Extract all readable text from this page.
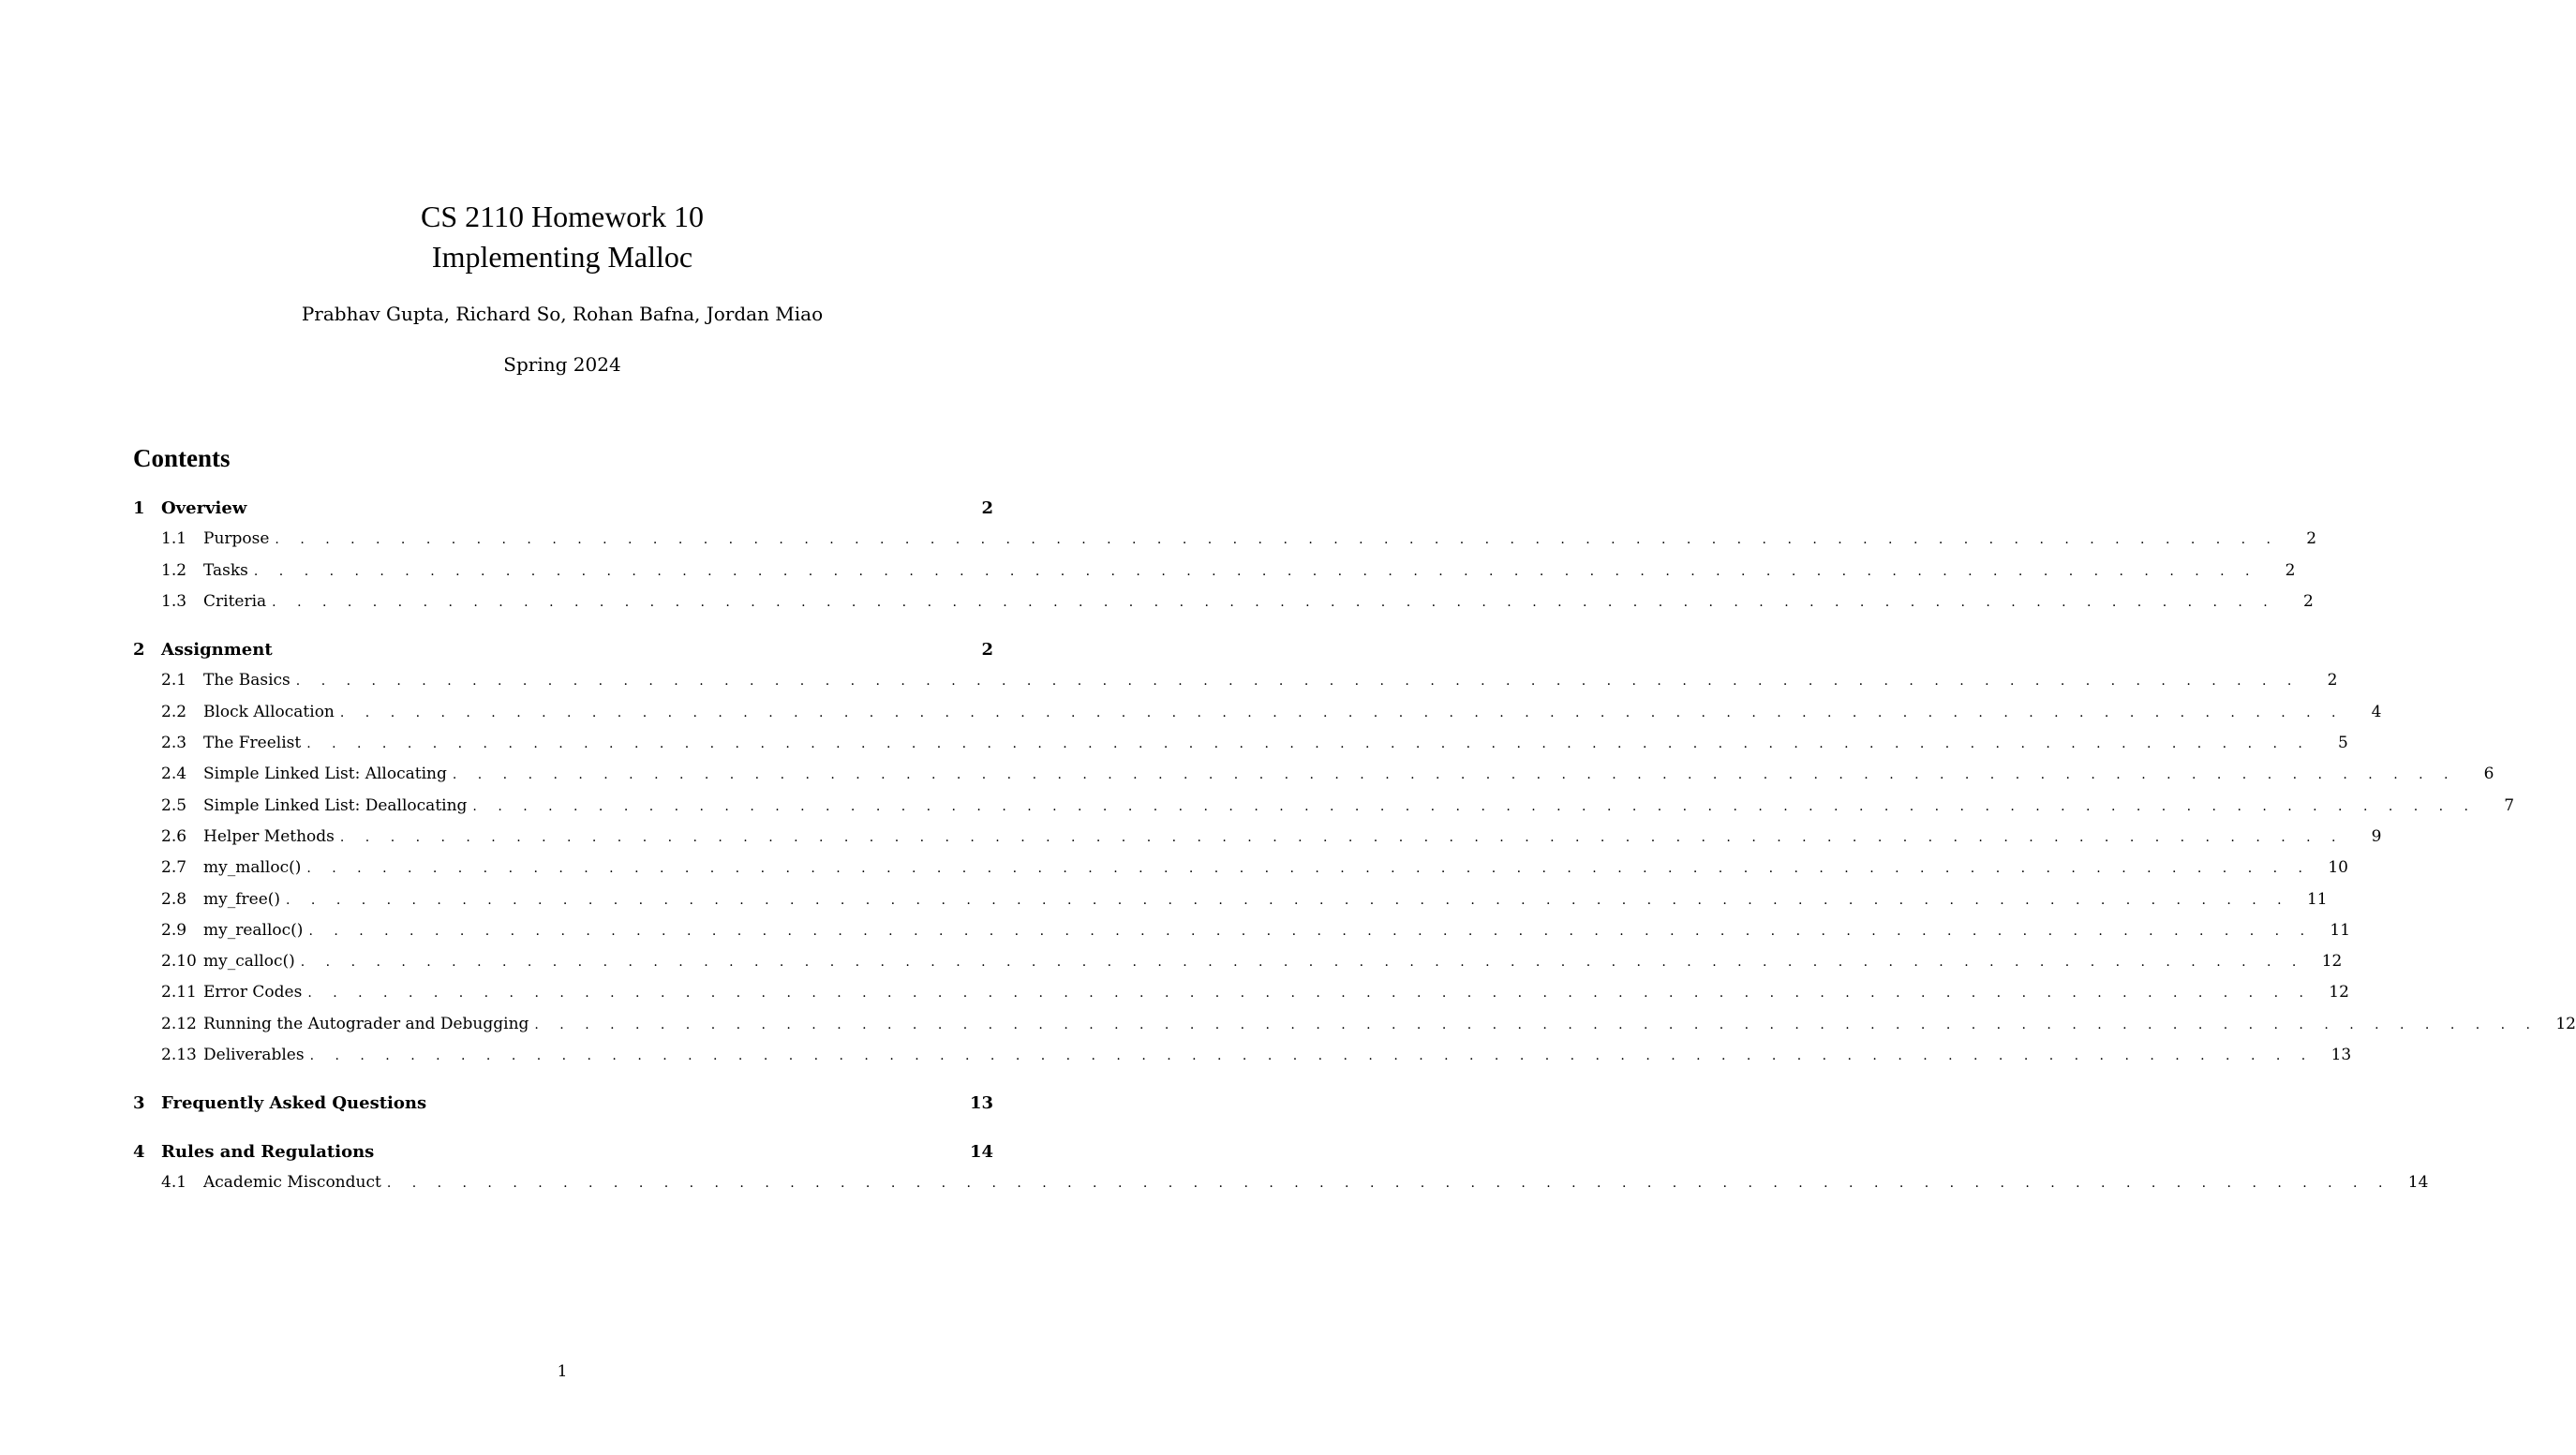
CS 2110 Homework 10
Implementing Malloc
Prabhav Gupta, Richard So, Rohan Bafna, Jordan Miao
Spring 2024
Contents
1 Overview	2
1.1	Purpose . . . . . . . . . . . . . . . . . . . . . . . . . . . . . . . . . . . . . . . . . . . . . . . . . . . . . . . . . . . . . . . . . . . . . . . . . . . . . . . .	2
1.2	Tasks . . . . . . . . . . . . . . . . . . . . . . . . . . . . . . . . . . . . . . . . . . . . . . . . . . . . . . . . . . . . . . . . . . . . . . . . . . . . . . . .	2
1.3	Criteria . . . . . . . . . . . . . . . . . . . . . . . . . . . . . . . . . . . . . . . . . . . . . . . . . . . . . . . . . . . . . . . . . . . . . . . . . . . . . . . .	2
2 Assignment	2
2.1	The Basics . . . . . . . . . . . . . . . . . . . . . . . . . . . . . . . . . . . . . . . . . . . . . . . . . . . . . . . . . . . . . . . . . . . . . . . . . . . . . . . .	2
2.2	Block Allocation . . . . . . . . . . . . . . . . . . . . . . . . . . . . . . . . . . . . . . . . . . . . . . . . . . . . . . . . . . . . . . . . . . . . . . . . . . . . . . . .	4
2.3	The Freelist . . . . . . . . . . . . . . . . . . . . . . . . . . . . . . . . . . . . . . . . . . . . . . . . . . . . . . . . . . . . . . . . . . . . . . . . . . . . . . . .	5
2.4	Simple Linked List: Allocating . . . . . . . . . . . . . . . . . . . . . . . . . . . . . . . . . . . . . . . . . . . . . . . . . . . . . . . . . . . . . . . . . . . . . . . . . . . . . . . .	6
2.5	Simple Linked List: Deallocating . . . . . . . . . . . . . . . . . . . . . . . . . . . . . . . . . . . . . . . . . . . . . . . . . . . . . . . . . . . . . . . . . . . . . . . . . . . . . . . .	7
2.6	Helper Methods . . . . . . . . . . . . . . . . . . . . . . . . . . . . . . . . . . . . . . . . . . . . . . . . . . . . . . . . . . . . . . . . . . . . . . . . . . . . . . . .	9
2.7	my_malloc() . . . . . . . . . . . . . . . . . . . . . . . . . . . . . . . . . . . . . . . . . . . . . . . . . . . . . . . . . . . . . . . . . . . . . . . . . . . . . . . .	10
2.8	my_free() . . . . . . . . . . . . . . . . . . . . . . . . . . . . . . . . . . . . . . . . . . . . . . . . . . . . . . . . . . . . . . . . . . . . . . . . . . . . . . . .	11
2.9	my_realloc() . . . . . . . . . . . . . . . . . . . . . . . . . . . . . . . . . . . . . . . . . . . . . . . . . . . . . . . . . . . . . . . . . . . . . . . . . . . . . . . .	11
2.10 my_calloc() . . . . . . . . . . . . . . . . . . . . . . . . . . . . . . . . . . . . . . . . . . . . . . . . . . . . . . . . . . . . . . . . . . . . . . . . . . . . . . . .	12
2.11 Error Codes . . . . . . . . . . . . . . . . . . . . . . . . . . . . . . . . . . . . . . . . . . . . . . . . . . . . . . . . . . . . . . . . . . . . . . . . . . . . . . . .	12
2.12 Running the Autograder and Debugging . . . . . . . . . . . . . . . . . . . . . . . . . . . . . . . . . . . . . . . . . . . . . . . . . . . . . . . . . . . . . . . . . . . . . . . . . . . . . . . .	12
2.13 Deliverables . . . . . . . . . . . . . . . . . . . . . . . . . . . . . . . . . . . . . . . . . . . . . . . . . . . . . . . . . . . . . . . . . . . . . . . . . . . . . . . .	13
3 Frequently Asked Questions	13
4 Rules and Regulations	14
4.1	Academic Misconduct . . . . . . . . . . . . . . . . . . . . . . . . . . . . . . . . . . . . . . . . . . . . . . . . . . . . . . . . . . . . . . . . . . . . . . . . . . . . . . . .	14
1
